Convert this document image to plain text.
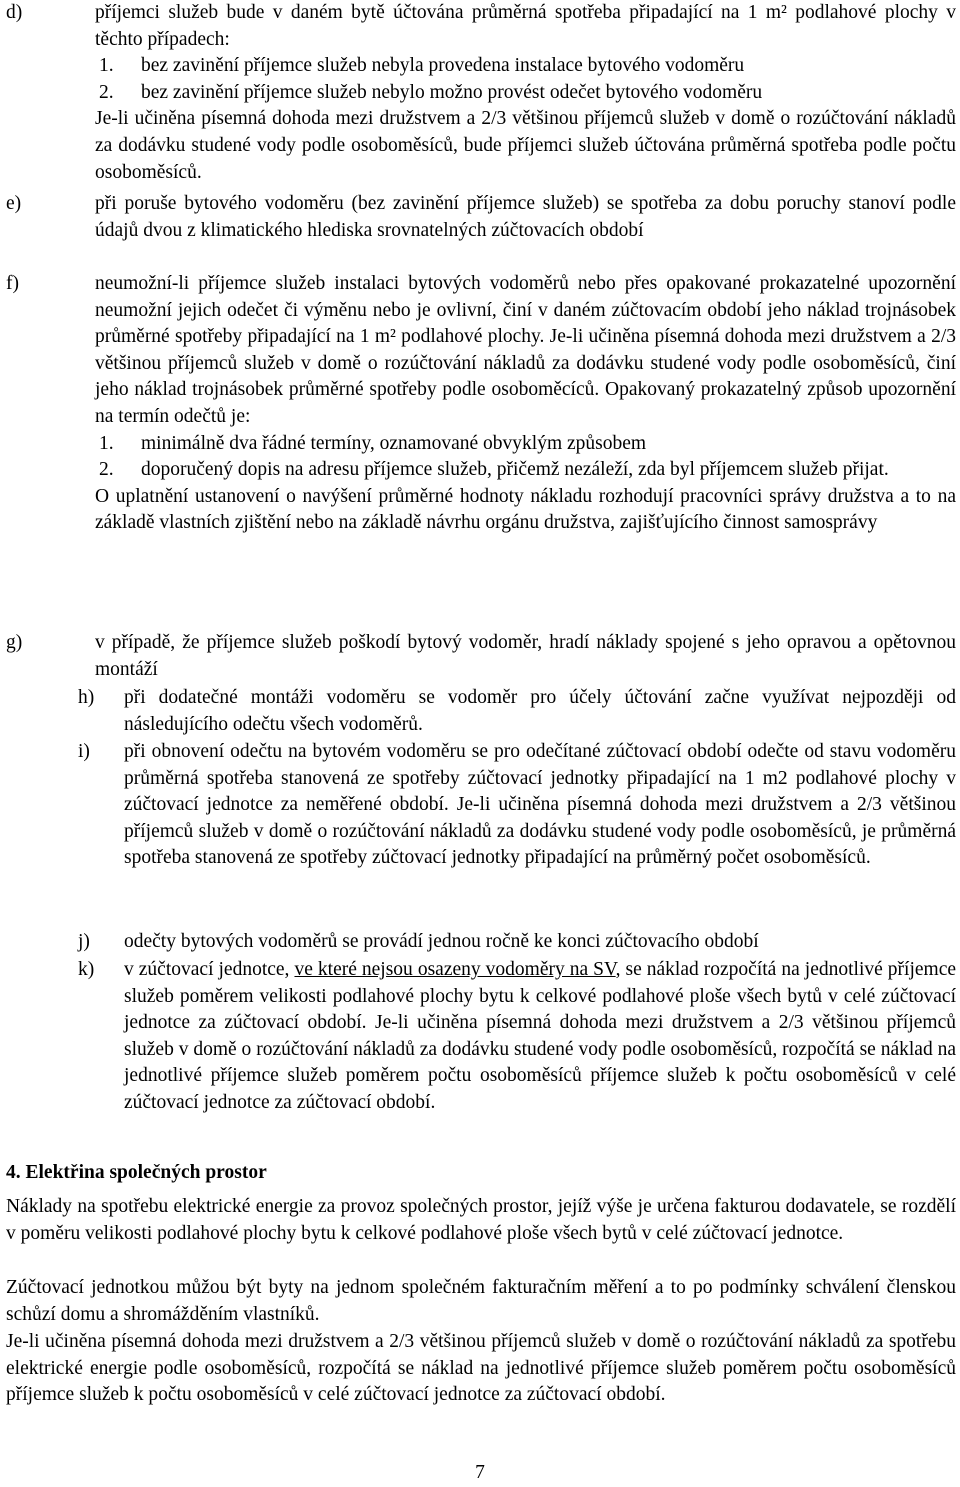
d)	příjemci služeb bude v daném bytě účtována průměrná spotřeba připadající na 1 m² podlahové plochy v těchto případech:
1. bez zavinění příjemce služeb nebyla provedena instalace bytového vodoměru
2. bez zavinění příjemce služeb nebylo možno provést odečet bytového vodoměru
Je-li učiněna písemná dohoda mezi družstvem a 2/3 většinou příjemců služeb v domě o rozúčtování nákladů za dodávku studené vody podle osoboměsíců, bude příjemci služeb účtována průměrná spotřeba podle počtu osoboměsíců.
e)	při poruše bytového vodoměru (bez zavinění příjemce služeb) se spotřeba za dobu poruchy stanoví podle údajů dvou z klimatického hlediska srovnatelných zúčtovacích období
f)	neumožní-li příjemce služeb instalaci bytových vodoměrů nebo přes opakované prokazatelné upozornění neumožní jejich odečet či výměnu nebo je ovlivní, činí v daném zúčtovacím období jeho náklad trojnásobek průměrné spotřeby připadající na 1 m² podlahové plochy. Je-li učiněna písemná dohoda mezi družstvem a 2/3 většinou příjemců služeb v domě o rozúčtování nákladů za dodávku studené vody podle osoboměsíců, činí jeho náklad trojnásobek průměrné spotřeby podle osoboměcíců. Opakovaný prokazatelný způsob upozornění na termín odečtů je:
1. minimálně dva řádné termíny, oznamované obvyklým způsobem
2.	doporučený dopis na adresu příjemce služeb, přičemž nezáleží, zda byl příjemcem služeb přijat.
O uplatnění ustanovení o navýšení průměrné hodnoty nákladu rozhodují pracovníci správy družstva a to na základě vlastních zjištění nebo na základě návrhu orgánu družstva, zajišťujícího činnost samosprávy
g)	v případě, že příjemce služeb poškodí bytový vodoměr, hradí náklady spojené s jeho opravou a opětovnou montáží
h) při dodatečné montáži vodoměru se vodoměr pro účely účtování začne využívat nejpozději od následujícího odečtu všech vodoměrů.
i) při obnovení odečtu na bytovém vodoměru se pro odečítané zúčtovací období odečte od stavu vodoměru průměrná spotřeba stanovená ze spotřeby zúčtovací jednotky připadající na 1 m2 podlahové plochy v zúčtovací jednotce za neměřené období. Je-li učiněna písemná dohoda mezi družstvem a 2/3 většinou příjemců služeb v domě o rozúčtování nákladů za dodávku studené vody podle osoboměsíců, je průměrná spotřeba stanovená ze spotřeby zúčtovací jednotky připadající na průměrný počet osoboměsíců.
j) odečty bytových vodoměrů se provádí jednou ročně ke konci zúčtovacího období
k) v zúčtovací jednotce, ve které nejsou osazeny vodoměry na SV, se náklad rozpočítá na jednotlivé příjemce služeb poměrem velikosti podlahové plochy bytu k celkové podlahové ploše všech bytů v celé zúčtovací jednotce za zúčtovací období. Je-li učiněna písemná dohoda mezi družstvem a 2/3 většinou příjemců služeb v domě o rozúčtování nákladů za dodávku studené vody podle osoboměsíců, rozpočítá se náklad na jednotlivé příjemce služeb poměrem počtu osoboměsíců příjemce služeb k počtu osoboměsíců v celé zúčtovací jednotce za zúčtovací období.
4. Elektřina společných prostor
Náklady na spotřebu elektrické energie za provoz společných prostor, jejíž výše je určena fakturou dodavatele, se rozdělí v poměru velikosti podlahové plochy bytu k celkové podlahové ploše všech bytů v celé zúčtovací jednotce.
Zúčtovací jednotkou můžou být byty na jednom společném fakturačním měření a to po podmínky schválení členskou schůzí domu a shromážděním vlastníků.
Je-li učiněna písemná dohoda mezi družstvem a 2/3 většinou příjemců služeb v domě o rozúčtování nákladů za spotřebu elektrické energie podle osoboměsíců, rozpočítá se náklad na jednotlivé příjemce služeb poměrem počtu osoboměsíců příjemce služeb k počtu osoboměsíců v celé zúčtovací jednotce za zúčtovací období.
7
